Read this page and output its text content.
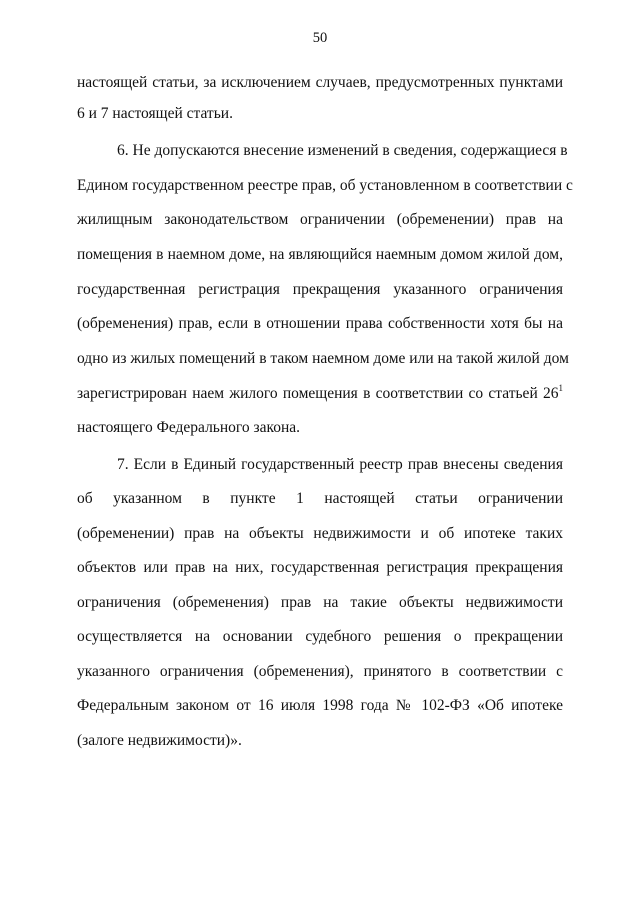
50
настоящей статьи, за исключением случаев, предусмотренных пунктами
6 и 7 настоящей статьи.
6. Не допускаются внесение изменений в сведения, содержащиеся в
Едином государственном реестре прав, об установленном в соответствии с
жилищным законодательством ограничении (обременении) прав на
помещения в наемном доме, на являющийся наемным домом жилой дом,
государственная регистрация прекращения указанного ограничения
(обременения) прав, если в отношении права собственности хотя бы на
одно из жилых помещений в таком наемном доме или на такой жилой дом
зарегистрирован наем жилого помещения в соответствии со статьей $26^1$
настоящего Федерального закона.
7. Если в Единый государственный реестр прав внесены сведения
об указанном в пункте 1 настоящей статьи ограничении
(обременении) прав на объекты недвижимости и об ипотеке таких
объектов или прав на них, государственная регистрация прекращения
ограничения (обременения) прав на такие объекты недвижимости
осуществляется на основании судебного решения о прекращении
указанного ограничения (обременения), принятого в соответствии с
Федеральным законом от 16 июля 1998 года № 102-ФЗ «Об ипотеке
(залоге недвижимости)».
